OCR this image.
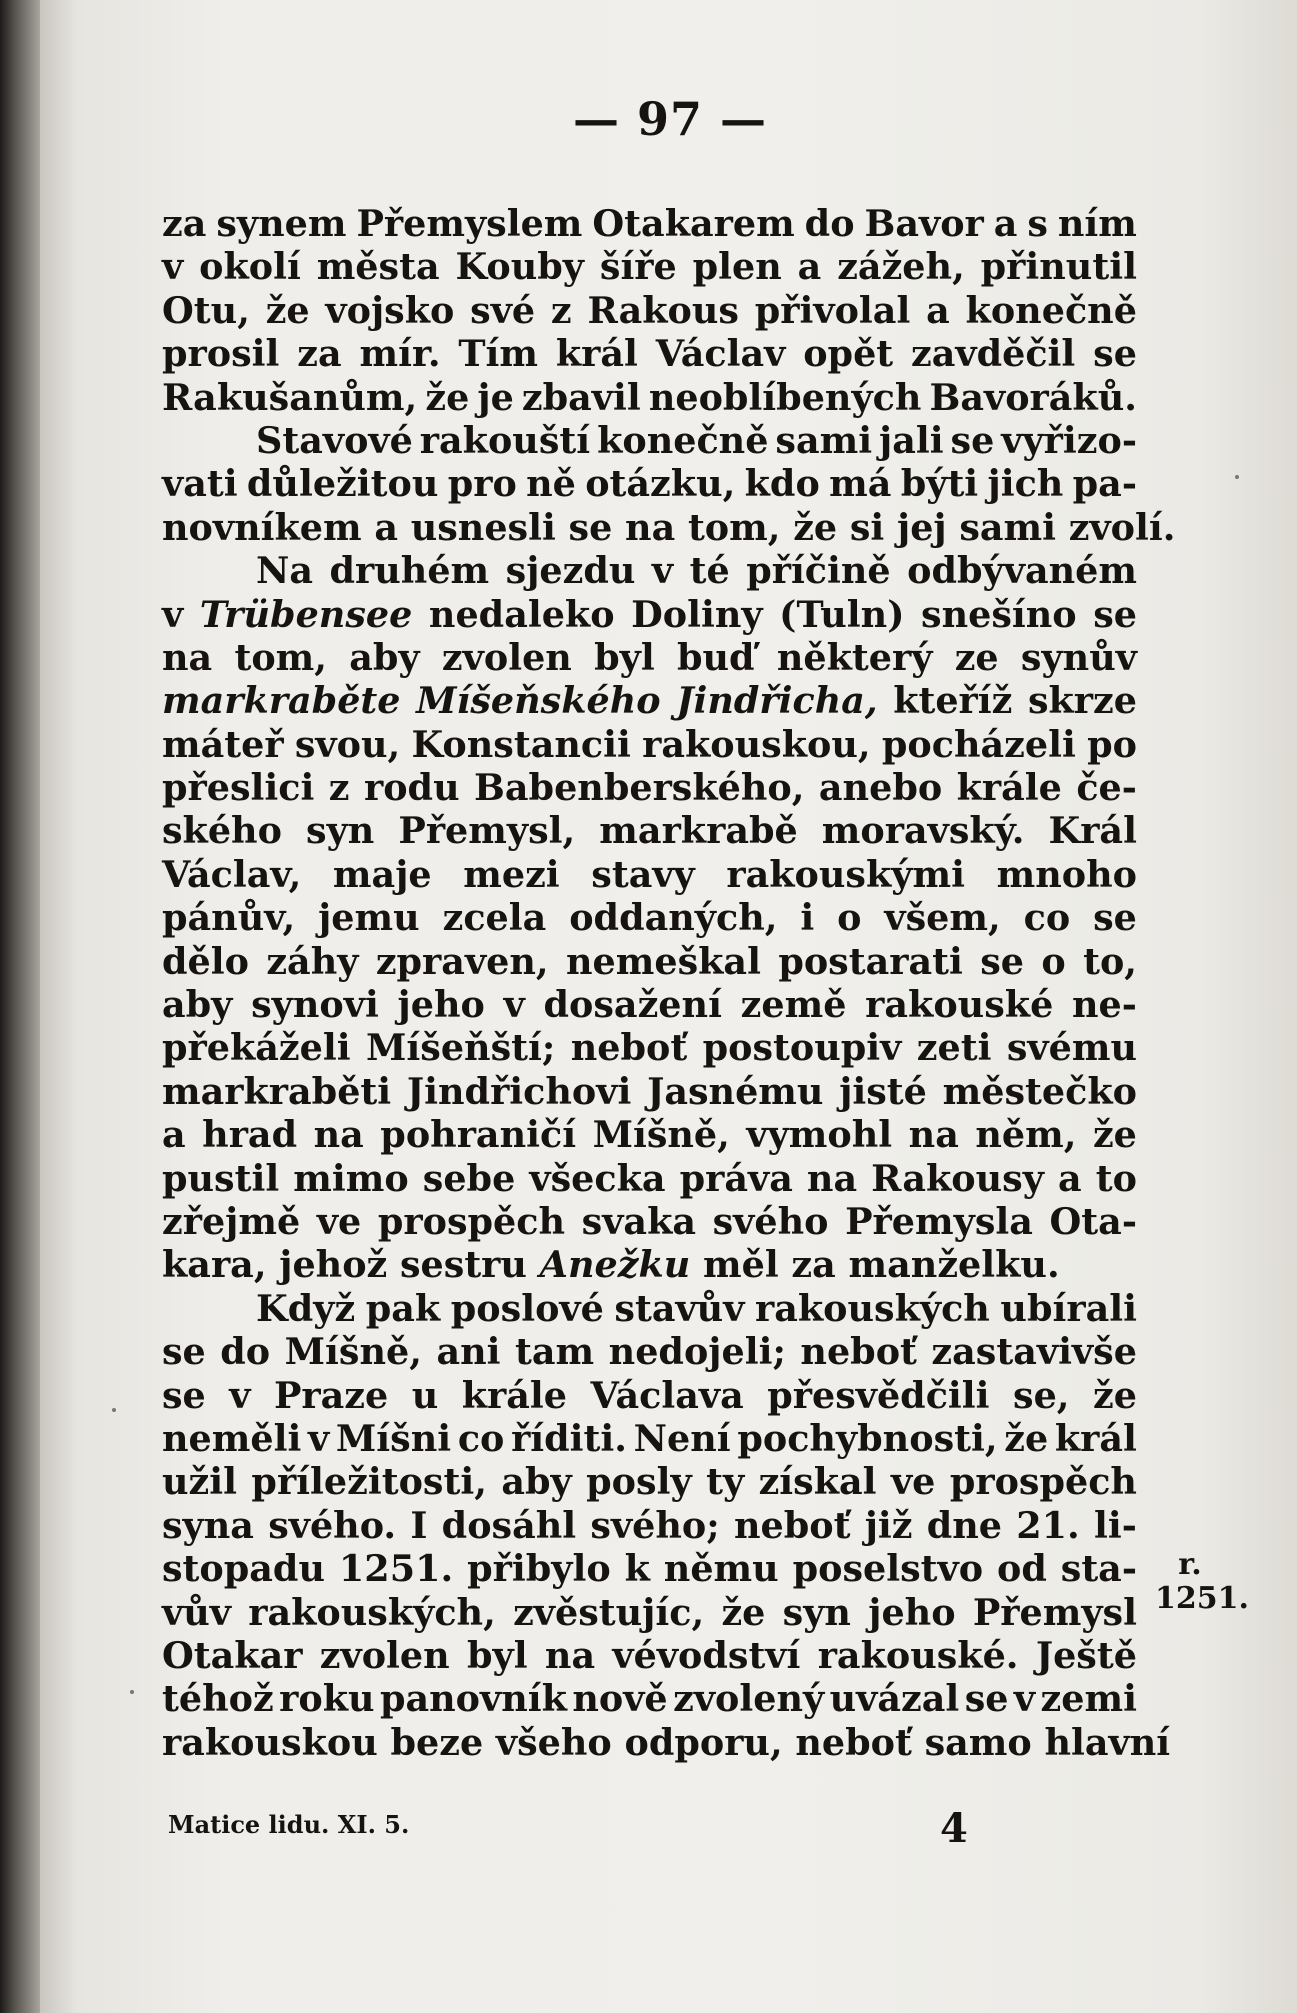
— 97 —
za synem Přemyslem Otakarem do Bavor a s ním
v okolí města Kouby šíře plen a zážeh, přinutil
Otu, že vojsko své z Rakous přivolal a konečně
prosil za mír. Tím král Václav opět zavděčil se
Rakušanům, že je zbavil neoblíbených Bavoráků.
Stavové rakouští konečně sami jali se vyřizo-
vati důležitou pro ně otázku, kdo má býti jich pa-
novníkem a usnesli se na tom, že si jej sami zvolí.
Na druhém sjezdu v té příčině odbývaném
v Trübensee nedaleko Doliny (Tuln) snešíno se
na tom, aby zvolen byl buď některý ze synův
markraběte Míšeňského Jindřicha, kteříž skrze
máteř svou, Konstancii rakouskou, pocházeli po
přeslici z rodu Babenberského, anebo krále če-
ského syn Přemysl, markrabě moravský. Král
Václav, maje mezi stavy rakouskými mnoho
pánův, jemu zcela oddaných, i o všem, co se
dělo záhy zpraven, nemeškal postarati se o to,
aby synovi jeho v dosažení země rakouské ne-
překáželi Míšeňští; neboť postoupiv zeti svému
markraběti Jindřichovi Jasnému jisté městečko
a hrad na pohraničí Míšně, vymohl na něm, že
pustil mimo sebe všecka práva na Rakousy a to
zřejmě ve prospěch svaka svého Přemysla Ota-
kara, jehož sestru Anežku měl za manželku.
Když pak poslové stavův rakouských ubírali
se do Míšně, ani tam nedojeli; neboť zastavivše
se v Praze u krále Václava přesvědčili se, že
neměli v Míšni co říditi. Není pochybnosti, že král
užil příležitosti, aby posly ty získal ve prospěch
syna svého. I dosáhl svého; neboť již dne 21. li-
stopadu 1251. přibylo k němu poselstvo od sta-
vův rakouských, zvěstujíc, že syn jeho Přemysl
Otakar zvolen byl na vévodství rakouské. Ještě
téhož roku panovník nově zvolený uvázal se v zemi
rakouskou beze všeho odporu, neboť samo hlavní
r.
1251.
Matice lidu. XI. 5.	4
